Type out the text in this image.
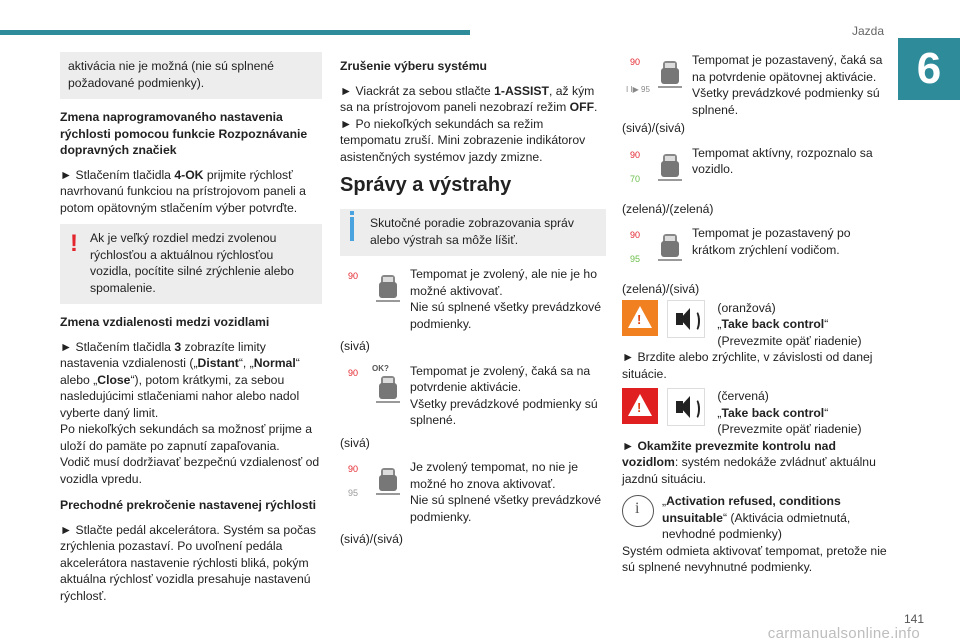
Jazda
6
141
carmanualsonline.info
aktivácia nie je možná (nie sú splnené požadované podmienky).
Zmena naprogramovaného nastavenia rýchlosti pomocou funkcie Rozpoznávanie dopravných značiek

► Stlačením tlačidla 4-OK prijmite rýchlosť navrhovanú funkciou na prístrojovom paneli a potom opätovným stlačením výber potvrďte.

! Ak je veľký rozdiel medzi zvolenou rýchlosťou a aktuálnou rýchlosťou vozidla, pocítite silné zrýchlenie alebo spomalenie.
Zmena vzdialenosti medzi vozidlami

► Stlačením tlačidla 3 zobrazíte limity nastavenia vzdialenosti („Distant“, „Normal“ alebo „Close“), potom krátkymi, za sebou nasledujúcimi stlačeniami nahor alebo nadol vyberte daný limit.

Po niekoľkých sekundách sa možnosť prijme a uloží do pamäte po zapnutí zapaľovania.

Vodič musí dodržiavať bezpečnú vzdialenosť od vozidla vpredu.

Prechodné prekročenie nastavenej rýchlosti

► Stlačte pedál akcelerátora. Systém sa počas zrýchlenia pozastaví. Po uvoľnení pedála akcelerátora nastavenie rýchlosti bliká, pokým aktuálna rýchlosť vozidla presahuje nastavenú rýchlosť.

Zrušenie výberu systému

► Viackrát za sebou stlačte 1-ASSIST, až kým sa na prístrojovom paneli nezobrazí režim OFF.

► Po niekoľkých sekundách sa režim tempomatu zruší. Mini zobrazenie indikátorov asistenčných systémov jazdy zmizne.

Správy a výstrahy
Skutočné poradie zobrazovania správ alebo výstrah sa môže líšiť.
90	Tempomat je zvolený, ale nie je ho možné aktivovať.
Nie sú splnené všetky prevádzkové podmienky.
(sivá)
90 OK? Tempomat je zvolený, čaká sa na potvrdenie aktivácie.
Všetky prevádzkové podmienky sú splnené.
(sivá)
90
95
Je zvolený tempomat, no nie je možné ho znova aktivovať.
Nie sú splnené všetky prevádzkové podmienky.
(sivá)/(sivá)
90
I I▶ 95
Tempomat je pozastavený, čaká sa na potvrdenie opätovnej aktivácie.
Všetky prevádzkové podmienky sú splnené.
(sivá)/(sivá)
90
70
Tempomat aktívny, rozpoznalo sa vozidlo.
(zelená)/(zelená)
90
95
Tempomat je pozastavený po krátkom zrýchlení vodičom.
(zelená)/(sivá)
!

(oranžová)
„Take back control“ (Prevezmite opäť riadenie)
► Brzdite alebo zrýchlite, v závislosti od danej situácie.
!

(červená)
„Take back control“ (Prevezmite opäť riadenie)
► Okamžite prevezmite kontrolu nad vozidlom: systém nedokáže zvládnuť aktuálnu jazdnú situáciu.
i
„Activation refused, conditions unsuitable“ (Aktivácia odmietnutá, nevhodné podmienky)
Systém odmieta aktivovať tempomat, pretože nie sú splnené nevyhnutné podmienky.
